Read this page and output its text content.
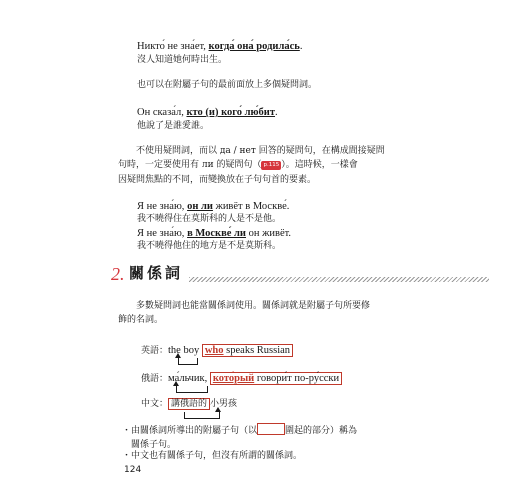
Никто́ не зна́ет, когда́ она́ родила́сь.
沒人知道她何時出生。
也可以在附屬子句的最前面放上多個疑問詞。
Он сказа́л, кто (и) кого́ лю́бит.
他說了是誰愛誰。
不使用疑問詞，而以 да / нет 回答的疑問句，在構成間接疑問
句時，一定要使用有 ли 的疑問句（ p.115 ）。這時候，一樣會
因疑問焦點的不同，而變換放在子句句首的要素。
Я не зна́ю, он ли живёт в Москве́.
我不曉得住在莫斯科的人是不是他。
Я не зна́ю, в Москве́ ли он живёт.
我不曉得他住的地方是不是莫斯科。
2. 關係詞
多數疑問詞也能當關係詞使用。關係詞就是附屬子句所要修
飾的名詞。
英語：the boy who speaks Russian
俄語：ма́льчик, кото́рый говори́т по-ру́сски
中文： 講俄語的 小男孩
・由關係詞所導出的附屬子句（以	圍起的部分）稱為
關係子句。
・中文也有關係子句，但沒有所謂的關係詞。
124
